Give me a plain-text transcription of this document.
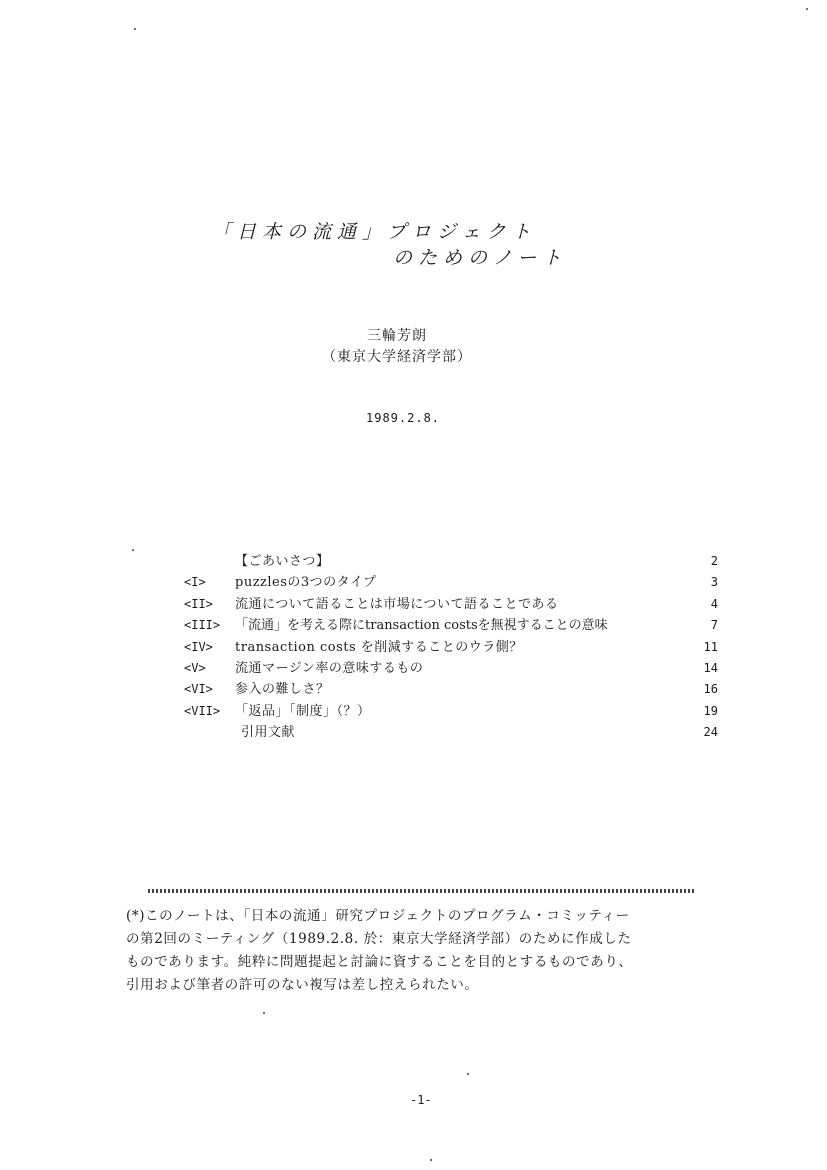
「日本の流通」プロジェクト
のためのノート
三輪芳朗
（東京大学経済学部）
1989.2.8.
【ごあいさつ】	2
<I> puzzlesの3つのタイプ	3
<II> 流通について語ることは市場について語ることである	4
<III> 「流通」を考える際にtransaction costsを無視することの意味	7
<IV> transaction costs を削減することのウラ側？	11
<V> 流通マージン率の意味するもの	14
<VI> 参入の難しさ？	16
<VII> 「返品」「制度」（？）	19
引用文献	24

(*)このノートは、「日本の流通」研究プロジェクトのプログラム・コミッティー

の第2回のミーティング（1989.2.8. 於：東京大学経済学部）のために作成した

ものであります。純粋に問題提起と討論に資することを目的とするものであり、

引用および筆者の許可のない複写は差し控えられたい。

-1-
